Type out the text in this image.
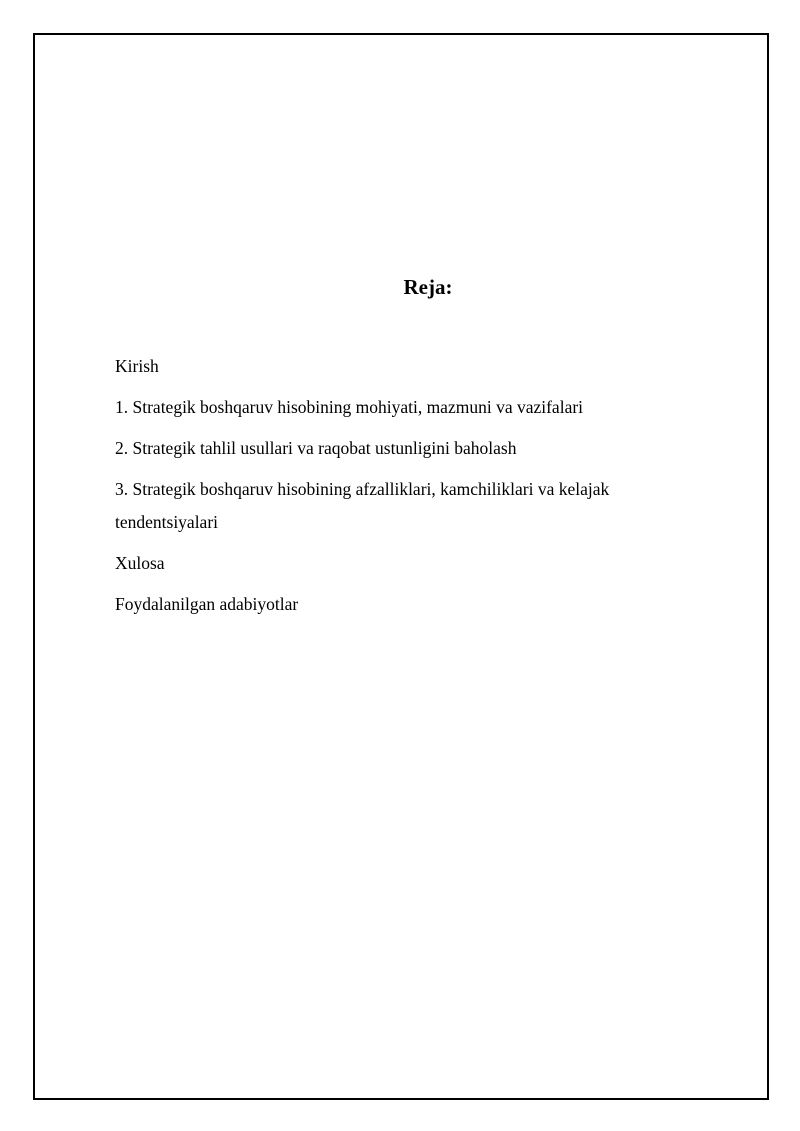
Reja:

Kirish

1. Strategik boshqaruv hisobining mohiyati, mazmuni va vazifalari

2. Strategik tahlil usullari va raqobat ustunligini baholash

3. Strategik boshqaruv hisobining afzalliklari, kamchiliklari va kelajak tendentsiyalari

Xulosa

Foydalanilgan adabiyotlar
